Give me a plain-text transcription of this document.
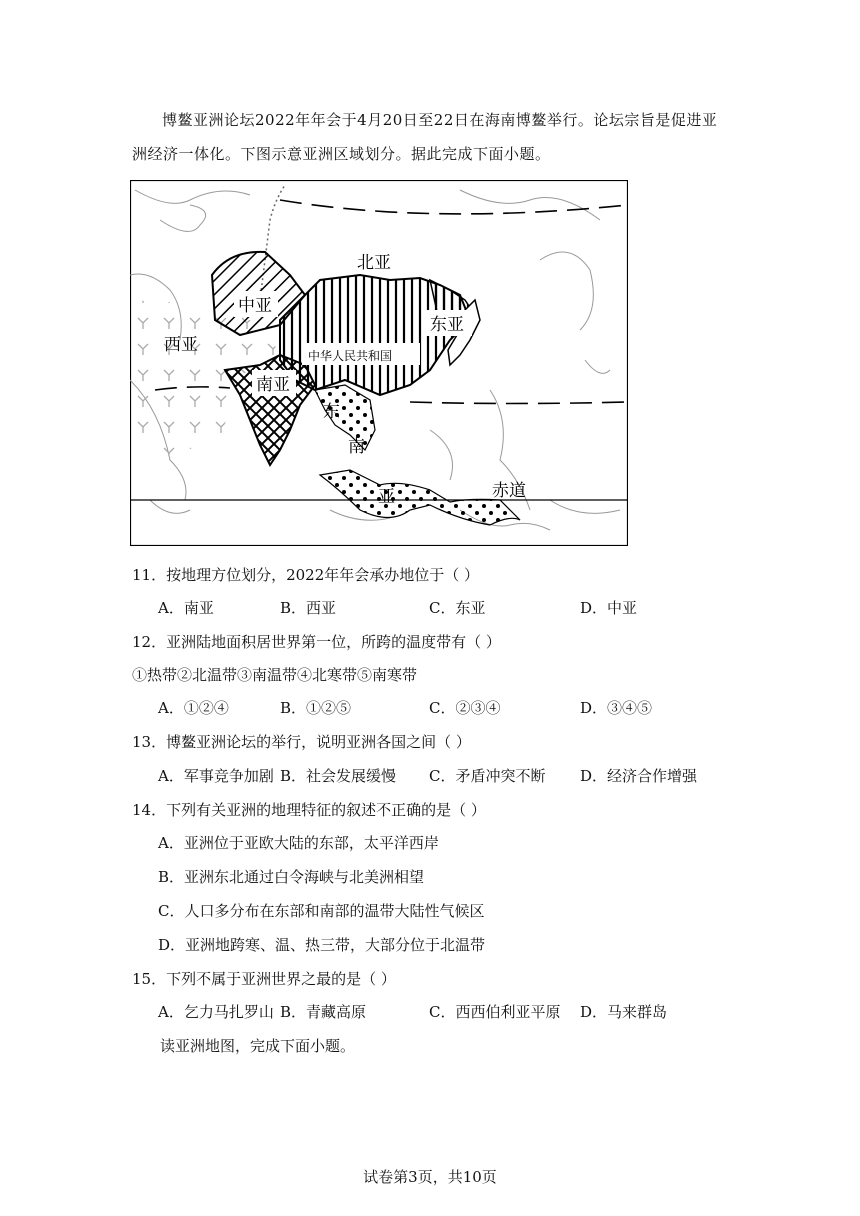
博鳌亚洲论坛2022年年会于4月20日至22日在海南博鳌举行。论坛宗旨是促进亚
洲经济一体化。下图示意亚洲区域划分。据此完成下面小题。
北亚
中亚
西亚
东亚
南亚
东
南
亚	赤道
中华人民共和国
11．按地理方位划分，2022年年会承办地位于（ ）
A．南亚	B．西亚	C．东亚	D．中亚
12．亚洲陆地面积居世界第一位，所跨的温度带有（ ）
①热带②北温带③南温带④北寒带⑤南寒带
A．①②④	B．①②⑤	C．②③④	D．③④⑤
13．博鳌亚洲论坛的举行，说明亚洲各国之间（ ）
A．军事竞争加剧 B．社会发展缓慢 C．矛盾冲突不断 D．经济合作增强
14．下列有关亚洲的地理特征的叙述不正确的是（ ）
A．亚洲位于亚欧大陆的东部，太平洋西岸
B．亚洲东北通过白令海峡与北美洲相望
C．人口多分布在东部和南部的温带大陆性气候区
D．亚洲地跨寒、温、热三带，大部分位于北温带
15．下列不属于亚洲世界之最的是（ ）
A．乞力马扎罗山 B．青藏高原	C．西西伯利亚平原 D．马来群岛
读亚洲地图，完成下面小题。
试卷第3页，共10页
